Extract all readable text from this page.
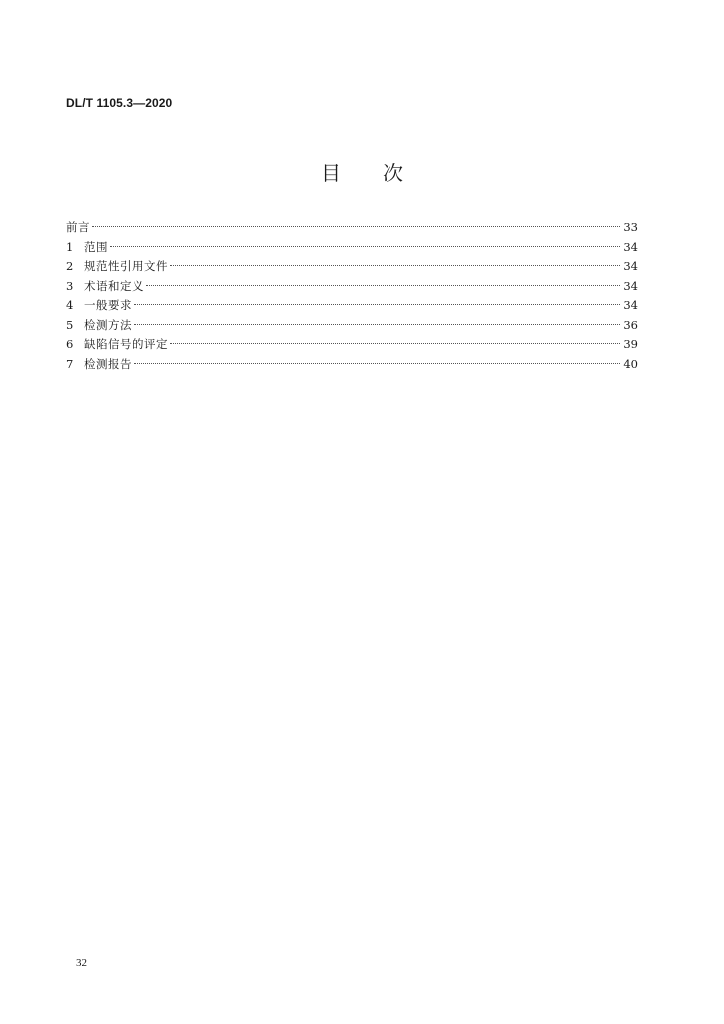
DL/T 1105.3—2020
目 次
前言	33
1 范围	34
2 规范性引用文件	34
3 术语和定义	34
4 一般要求	34
5 检测方法	36
6 缺陷信号的评定	39
7 检测报告	40
32
